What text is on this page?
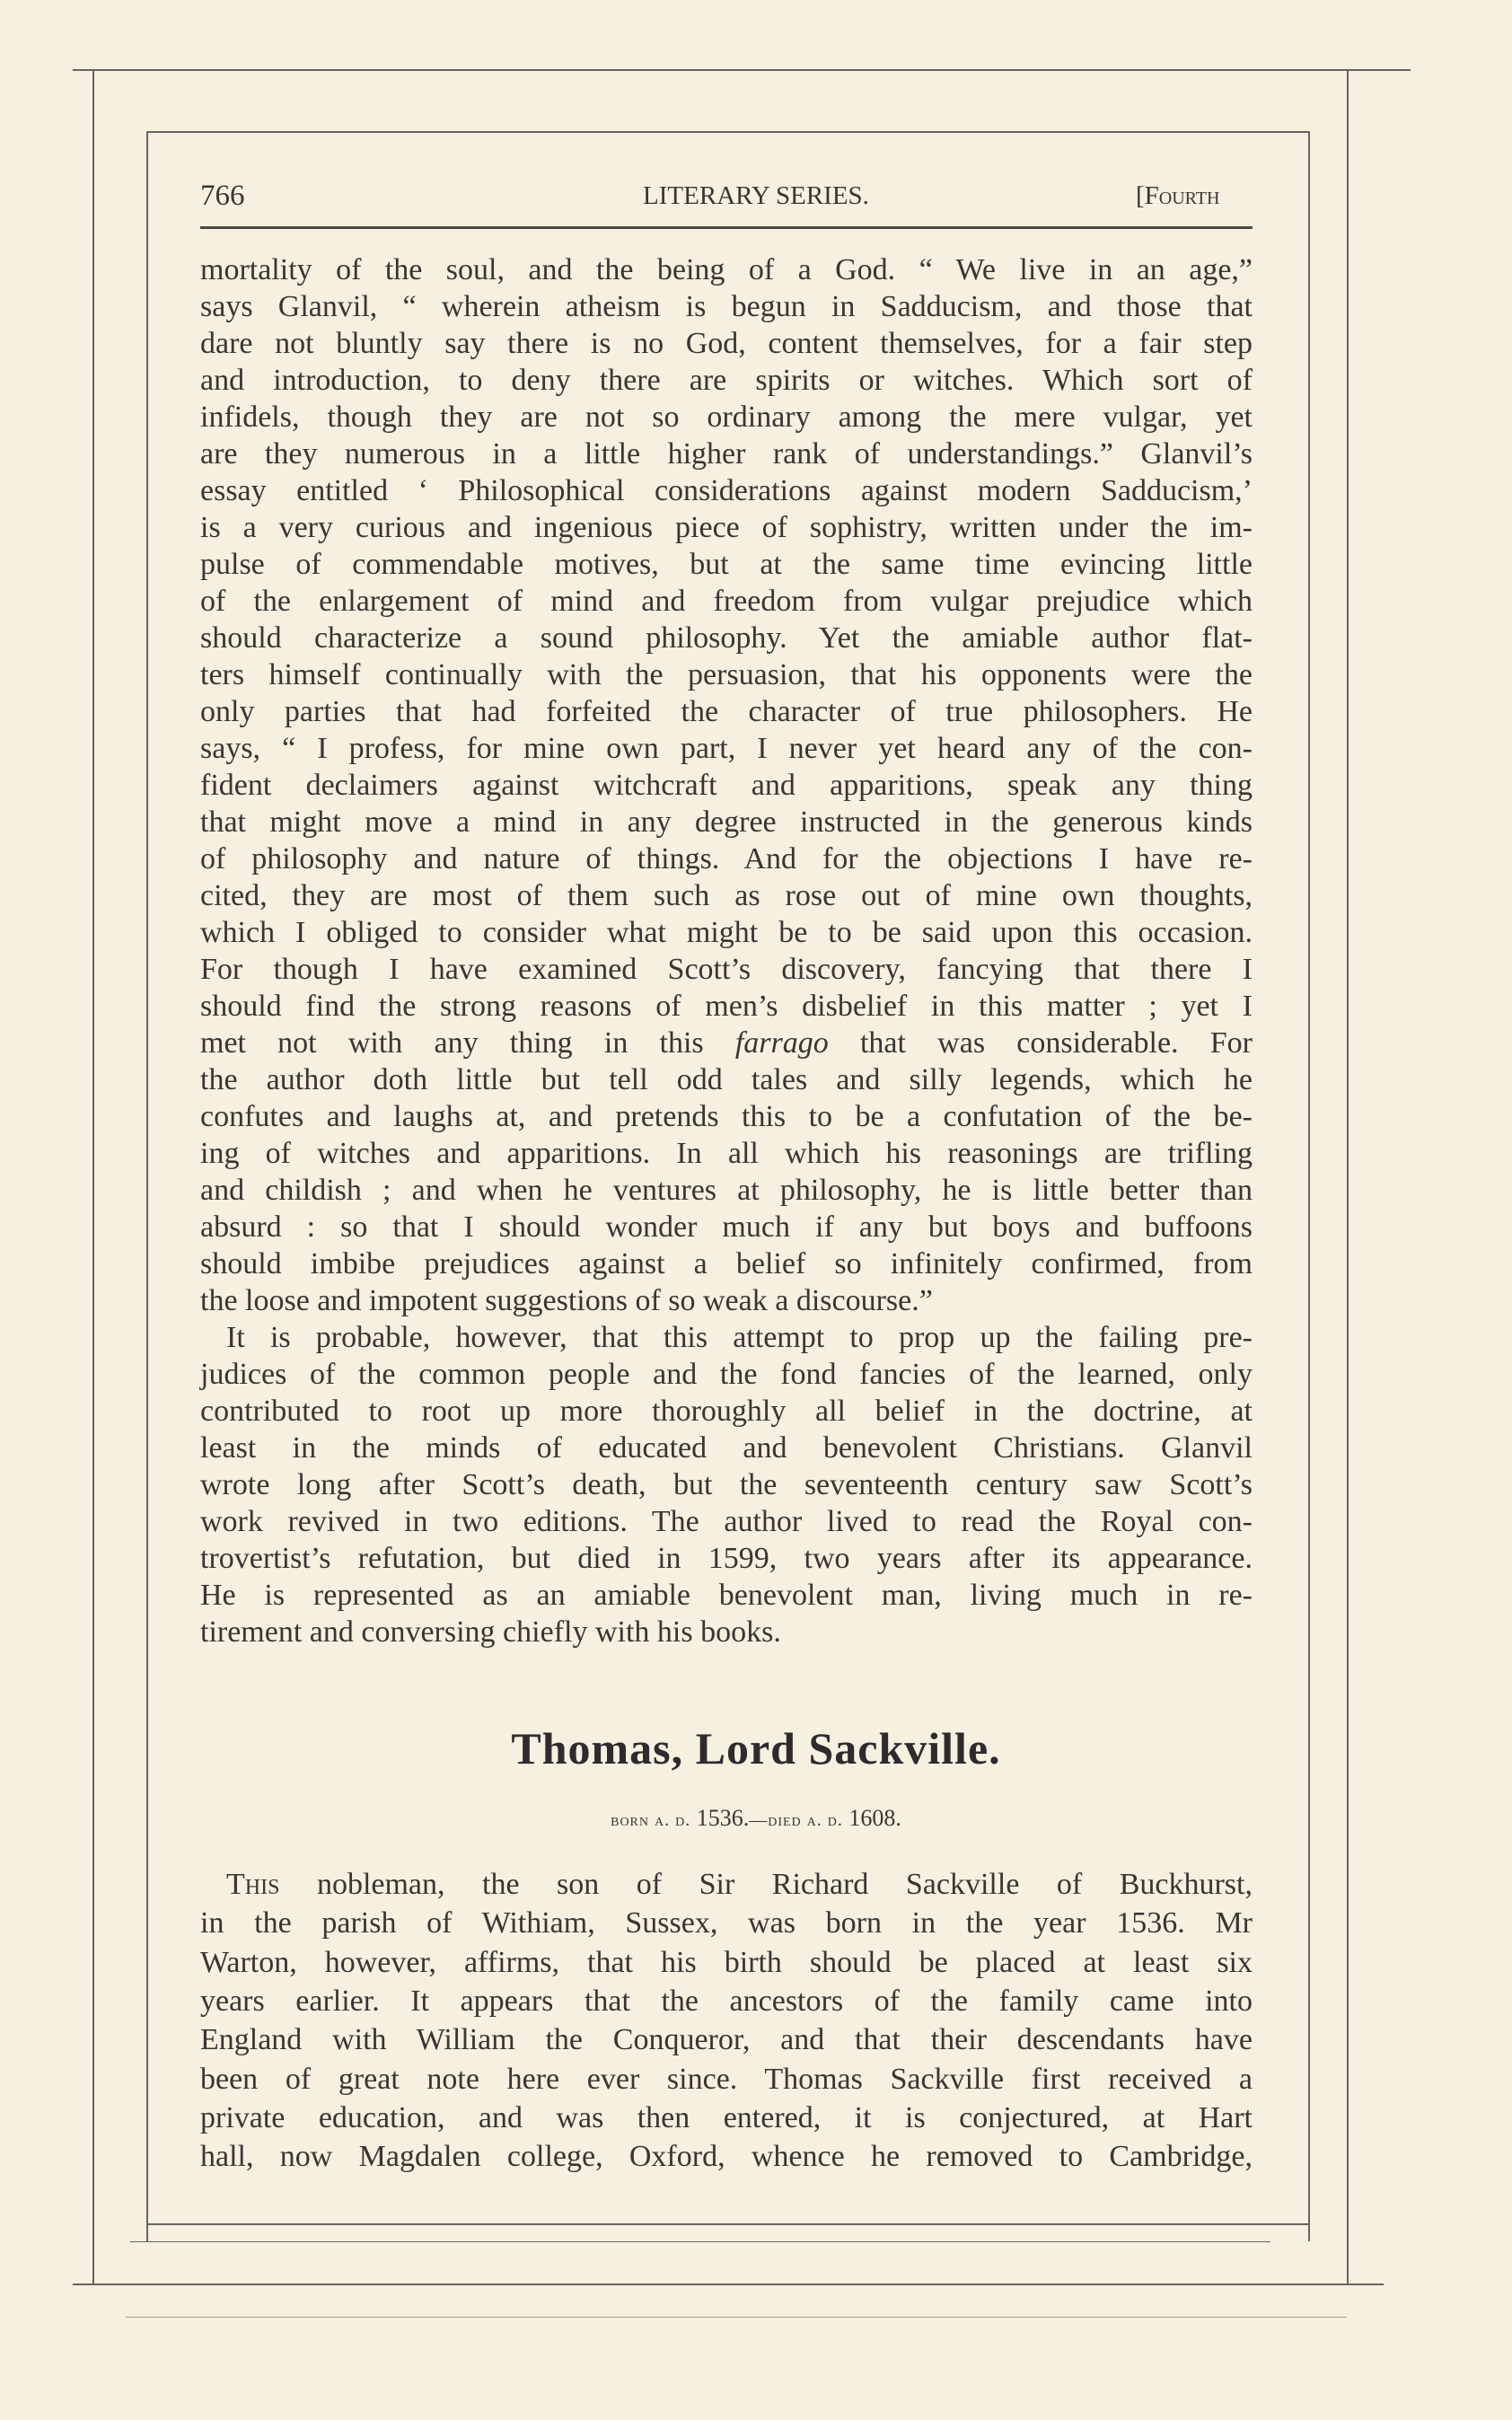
766	LITERARY SERIES.	[Fourth
mortality of the soul, and the being of a God. “ We live in an age,”
says Glanvil, “ wherein atheism is begun in Sadducism, and those that
dare not bluntly say there is no God, content themselves, for a fair step
and introduction, to deny there are spirits or witches. Which sort of
infidels, though they are not so ordinary among the mere vulgar, yet
are they numerous in a little higher rank of understandings.” Glanvil’s
essay entitled ‘ Philosophical considerations against modern Sadducism,’
is a very curious and ingenious piece of sophistry, written under the im-
pulse of commendable motives, but at the same time evincing little
of the enlargement of mind and freedom from vulgar prejudice which
should characterize a sound philosophy. Yet the amiable author flat-
ters himself continually with the persuasion, that his opponents were the
only parties that had forfeited the character of true philosophers. He
says, “ I profess, for mine own part, I never yet heard any of the con-
fident declaimers against witchcraft and apparitions, speak any thing
that might move a mind in any degree instructed in the generous kinds
of philosophy and nature of things. And for the objections I have re-
cited, they are most of them such as rose out of mine own thoughts,
which I obliged to consider what might be to be said upon this occasion.
For though I have examined Scott’s discovery, fancying that there I
should find the strong reasons of men’s disbelief in this matter ; yet I
met not with any thing in this farrago that was considerable. For
the author doth little but tell odd tales and silly legends, which he
confutes and laughs at, and pretends this to be a confutation of the be-
ing of witches and apparitions. In all which his reasonings are trifling
and childish ; and when he ventures at philosophy, he is little better than
absurd : so that I should wonder much if any but boys and buffoons
should imbibe prejudices against a belief so infinitely confirmed, from
the loose and impotent suggestions of so weak a discourse.”
It is probable, however, that this attempt to prop up the failing pre-
judices of the common people and the fond fancies of the learned, only
contributed to root up more thoroughly all belief in the doctrine, at
least in the minds of educated and benevolent Christians. Glanvil
wrote long after Scott’s death, but the seventeenth century saw Scott’s
work revived in two editions. The author lived to read the Royal con-
trovertist’s refutation, but died in 1599, two years after its appearance.
He is represented as an amiable benevolent man, living much in re-
tirement and conversing chiefly with his books.
Thomas, Lord Sackville.
born a. d. 1536.—died a. d. 1608.
This nobleman, the son of Sir Richard Sackville of Buckhurst,
in the parish of Withiam, Sussex, was born in the year 1536. Mr
Warton, however, affirms, that his birth should be placed at least six
years earlier. It appears that the ancestors of the family came into
England with William the Conqueror, and that their descendants have
been of great note here ever since. Thomas Sackville first received a
private education, and was then entered, it is conjectured, at Hart
hall, now Magdalen college, Oxford, whence he removed to Cambridge,
